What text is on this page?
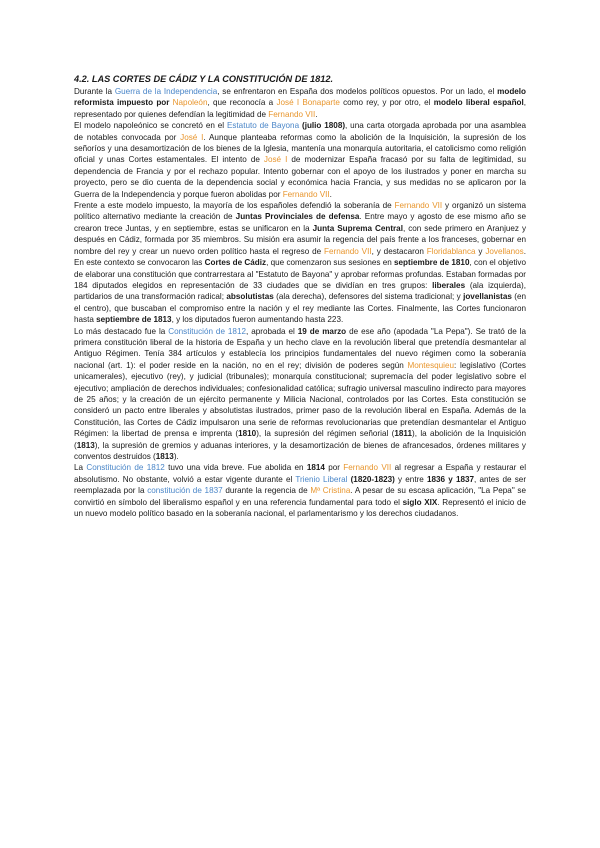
4.2. LAS CORTES DE CÁDIZ Y LA CONSTITUCIÓN DE 1812.

Durante la Guerra de la Independencia, se enfrentaron en España dos modelos políticos opuestos. Por un lado, el modelo reformista impuesto por Napoleón, que reconocía a José I Bonaparte como rey, y por otro, el modelo liberal español, representado por quienes defendían la legitimidad de Fernando VII.

El modelo napoleónico se concretó en el Estatuto de Bayona (julio 1808), una carta otorgada aprobada por una asamblea de notables convocada por José I. Aunque planteaba reformas como la abolición de la Inquisición, la supresión de los señoríos y una desamortización de los bienes de la Iglesia, mantenía una monarquía autoritaria, el catolicismo como religión oficial y unas Cortes estamentales. El intento de José I de modernizar España fracasó por su falta de legitimidad, su dependencia de Francia y por el rechazo popular. Intento gobernar con el apoyo de los ilustrados y poner en marcha su proyecto, pero se dio cuenta de la dependencia social y económica hacia Francia, y sus medidas no se aplicaron por la Guerra de la Independencia y porque fueron abolidas por Fernando VII.

Frente a este modelo impuesto, la mayoría de los españoles defendió la soberanía de Fernando VII y organizó un sistema político alternativo mediante la creación de Juntas Provinciales de defensa. Entre mayo y agosto de ese mismo año se crearon trece Juntas, y en septiembre, estas se unificaron en la Junta Suprema Central, con sede primero en Aranjuez y después en Cádiz, formada por 35 miembros. Su misión era asumir la regencia del país frente a los franceses, gobernar en nombre del rey y crear un nuevo orden político hasta el regreso de Fernando VII, y destacaron Floridablanca y Jovellanos. En este contexto se convocaron las Cortes de Cádiz, que comenzaron sus sesiones en septiembre de 1810, con el objetivo de elaborar una constitución que contrarrestara al "Estatuto de Bayona" y aprobar reformas profundas. Estaban formadas por 184 diputados elegidos en representación de 33 ciudades que se dividían en tres grupos: liberales (ala izquierda), partidarios de una transformación radical; absolutistas (ala derecha), defensores del sistema tradicional; y jovellanistas (en el centro), que buscaban el compromiso entre la nación y el rey mediante las Cortes. Finalmente, las Cortes funcionaron hasta septiembre de 1813, y los diputados fueron aumentando hasta 223.

Lo más destacado fue la Constitución de 1812, aprobada el 19 de marzo de ese año (apodada "La Pepa"). Se trató de la primera constitución liberal de la historia de España y un hecho clave en la revolución liberal que pretendía desmantelar al Antiguo Régimen. Tenía 384 artículos y establecía los principios fundamentales del nuevo régimen como la soberanía nacional (art. 1): el poder reside en la nación, no en el rey; división de poderes según Montesquieu: legislativo (Cortes unicamerales), ejecutivo (rey), y judicial (tribunales); monarquía constitucional; supremacía del poder legislativo sobre el ejecutivo; ampliación de derechos individuales; confesionalidad católica; sufragio universal masculino indirecto para mayores de 25 años; y la creación de un ejército permanente y Milicia Nacional, controlados por las Cortes. Esta constitución se consideró un pacto entre liberales y absolutistas ilustrados, primer paso de la revolución liberal en España. Además de la Constitución, las Cortes de Cádiz impulsaron una serie de reformas revolucionarias que pretendían desmantelar el Antiguo Régimen: la libertad de prensa e imprenta (1810), la supresión del régimen señorial (1811), la abolición de la Inquisición (1813), la supresión de gremios y aduanas interiores, y la desamortización de bienes de afrancesados, órdenes militares y conventos destruidos (1813).

La Constitución de 1812 tuvo una vida breve. Fue abolida en 1814 por Fernando VII al regresar a España y restaurar el absolutismo. No obstante, volvió a estar vigente durante el Trienio Liberal (1820-1823) y entre 1836 y 1837, antes de ser reemplazada por la constitución de 1837 durante la regencia de Mª Cristina. A pesar de su escasa aplicación, "La Pepa" se convirtió en símbolo del liberalismo español y en una referencia fundamental para todo el siglo XIX. Representó el inicio de un nuevo modelo político basado en la soberanía nacional, el parlamentarismo y los derechos ciudadanos.
